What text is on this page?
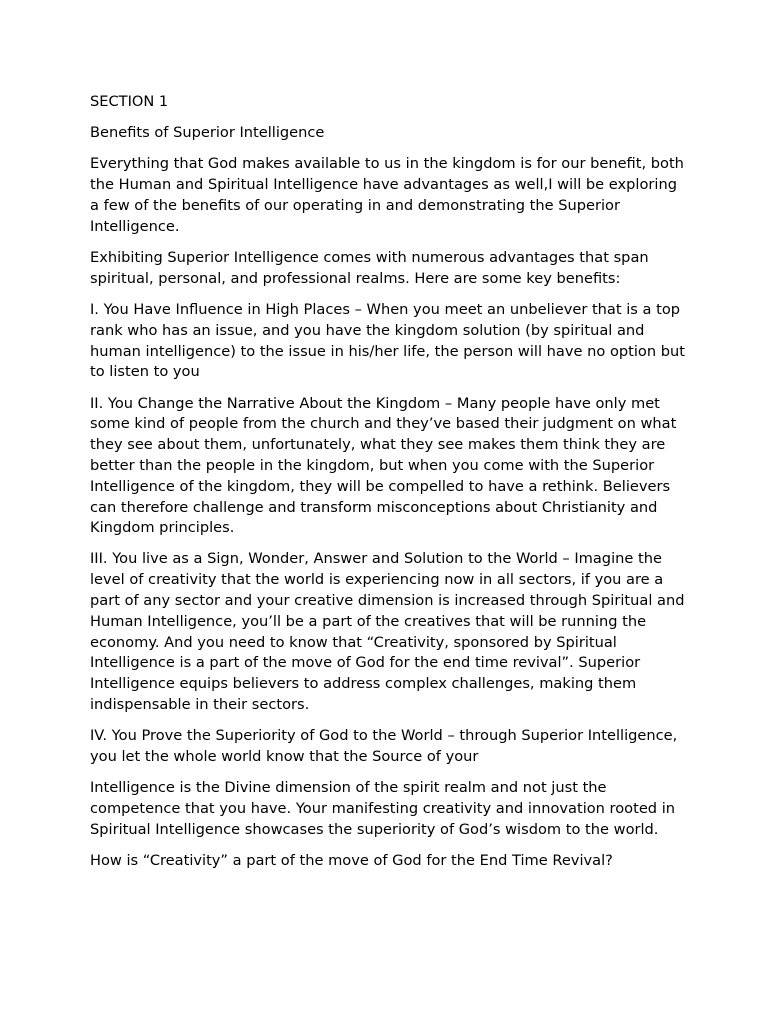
SECTION 1

Benefits of Superior Intelligence

Everything that God makes available to us in the kingdom is for our benefit, both the Human and Spiritual Intelligence have advantages as well,I will be exploring a few of the benefits of our operating in and demonstrating the Superior Intelligence.

Exhibiting Superior Intelligence comes with numerous advantages that span spiritual, personal, and professional realms. Here are some key benefits:

I. You Have Influence in High Places – When you meet an unbeliever that is a top rank who has an issue, and you have the kingdom solution (by spiritual and human intelligence) to the issue in his/her life, the person will have no option but to listen to you

II. You Change the Narrative About the Kingdom – Many people have only met some kind of people from the church and they’ve based their judgment on what they see about them, unfortunately, what they see makes them think they are better than the people in the kingdom, but when you come with the Superior Intelligence of the kingdom, they will be compelled to have a rethink. Believers can therefore challenge and transform misconceptions about Christianity and Kingdom principles.

III. You live as a Sign, Wonder, Answer and Solution to the World – Imagine the level of creativity that the world is experiencing now in all sectors, if you are a part of any sector and your creative dimension is increased through Spiritual and Human Intelligence, you’ll be a part of the creatives that will be running the economy. And you need to know that “Creativity, sponsored by Spiritual Intelligence is a part of the move of God for the end time revival”. Superior Intelligence equips believers to address complex challenges, making them indispensable in their sectors.

IV. You Prove the Superiority of God to the World – through Superior Intelligence, you let the whole world know that the Source of your

Intelligence is the Divine dimension of the spirit realm and not just the competence that you have. Your manifesting creativity and innovation rooted in Spiritual Intelligence showcases the superiority of God’s wisdom to the world.

How is “Creativity” a part of the move of God for the End Time Revival?
